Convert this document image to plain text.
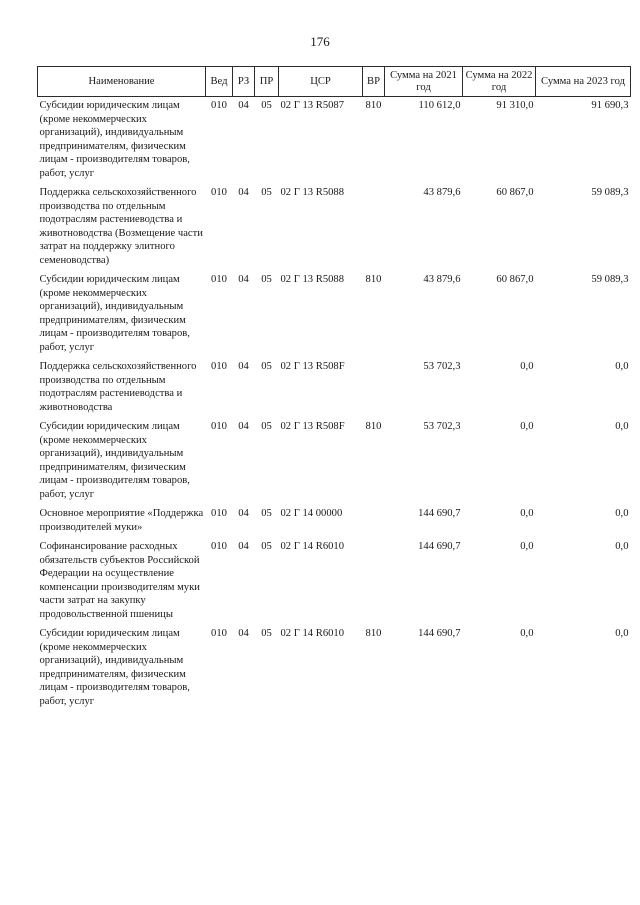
176
Наименование	Вед	РЗ	ПР	ЦСР	ВР	Сумма на 2021 год	Сумма на 2022 год	Сумма на 2023 год
Субсидии юридическим лицам (кроме некоммерческих организаций), индивидуальным предпринимателям, физическим лицам - производителям товаров, работ, услуг	010	04	05	02 Г 13 R5087	810	110 612,0	91 310,0	91 690,3
Поддержка сельскохозяйственного производства по отдельным подотраслям растениеводства и животноводства (Возмещение части затрат на поддержку элитного семеноводства)	010	04	05	02 Г 13 R5088		43 879,6	60 867,0	59 089,3
Субсидии юридическим лицам (кроме некоммерческих организаций), индивидуальным предпринимателям, физическим лицам - производителям товаров, работ, услуг	010	04	05	02 Г 13 R5088	810	43 879,6	60 867,0	59 089,3
Поддержка сельскохозяйственного производства по отдельным подотраслям растениеводства и животноводства	010	04	05	02 Г 13 R508F		53 702,3	0,0	0,0
Субсидии юридическим лицам (кроме некоммерческих организаций), индивидуальным предпринимателям, физическим лицам - производителям товаров, работ, услуг	010	04	05	02 Г 13 R508F	810	53 702,3	0,0	0,0
Основное мероприятие «Поддержка производителей муки»	010	04	05	02 Г 14 00000		144 690,7	0,0	0,0
Софинансирование расходных обязательств субъектов Российской Федерации на осуществление компенсации производителям муки части затрат на закупку продовольственной пшеницы	010	04	05	02 Г 14 R6010		144 690,7	0,0	0,0
Субсидии юридическим лицам (кроме некоммерческих организаций), индивидуальным предпринимателям, физическим лицам - производителям товаров, работ, услуг	010	04	05	02 Г 14 R6010	810	144 690,7	0,0	0,0
